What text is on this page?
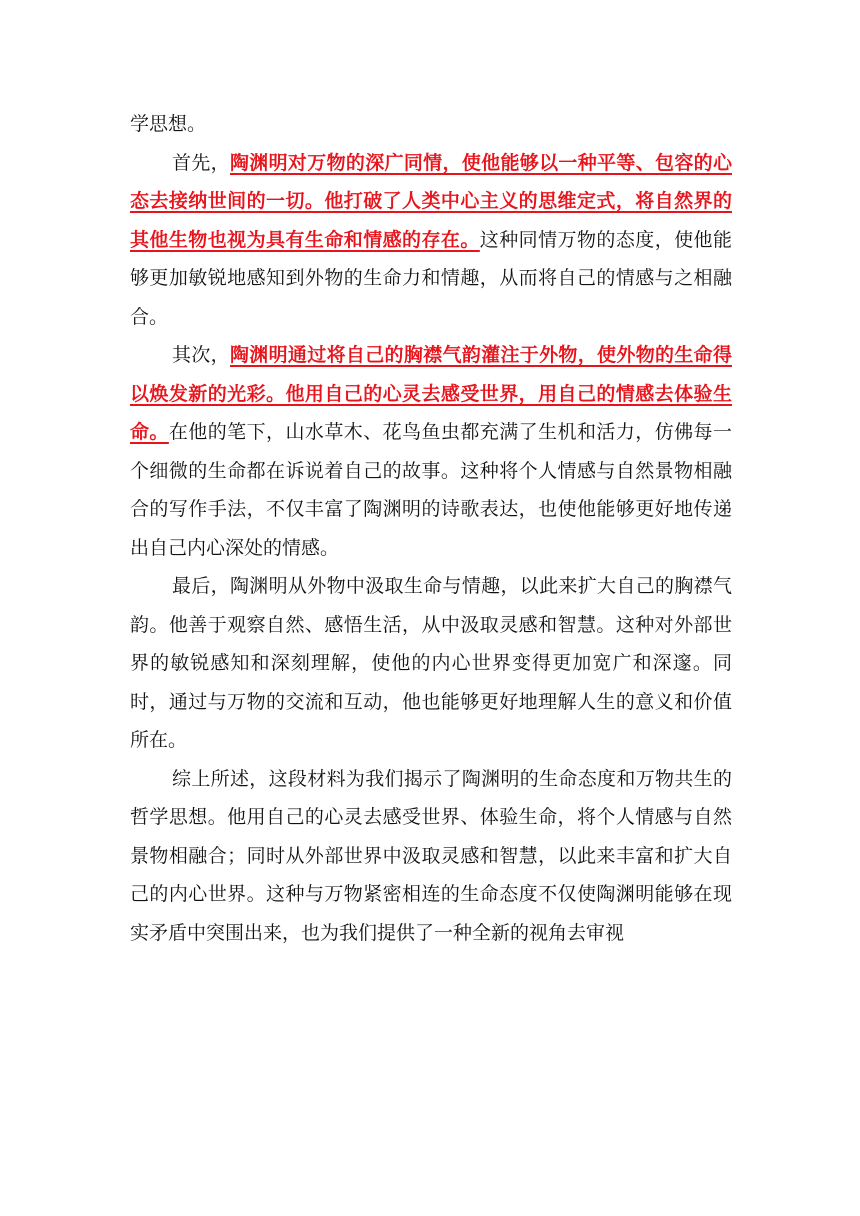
学思想。

首先，陶渊明对万物的深广同情，使他能够以一种平等、包容的心态去接纳世间的一切。他打破了人类中心主义的思维定式，将自然界的其他生物也视为具有生命和情感的存在。这种同情万物的态度，使他能够更加敏锐地感知到外物的生命力和情趣，从而将自己的情感与之相融合。

其次，陶渊明通过将自己的胸襟气韵灌注于外物，使外物的生命得以焕发新的光彩。他用自己的心灵去感受世界，用自己的情感去体验生命。在他的笔下，山水草木、花鸟鱼虫都充满了生机和活力，仿佛每一个细微的生命都在诉说着自己的故事。这种将个人情感与自然景物相融合的写作手法，不仅丰富了陶渊明的诗歌表达，也使他能够更好地传递出自己内心深处的情感。

最后，陶渊明从外物中汲取生命与情趣，以此来扩大自己的胸襟气韵。他善于观察自然、感悟生活，从中汲取灵感和智慧。这种对外部世界的敏锐感知和深刻理解，使他的内心世界变得更加宽广和深邃。同时，通过与万物的交流和互动，他也能够更好地理解人生的意义和价值所在。

综上所述，这段材料为我们揭示了陶渊明的生命态度和万物共生的哲学思想。他用自己的心灵去感受世界、体验生命，将个人情感与自然景物相融合；同时从外部世界中汲取灵感和智慧，以此来丰富和扩大自己的内心世界。这种与万物紧密相连的生命态度不仅使陶渊明能够在现实矛盾中突围出来，也为我们提供了一种全新的视角去审视
